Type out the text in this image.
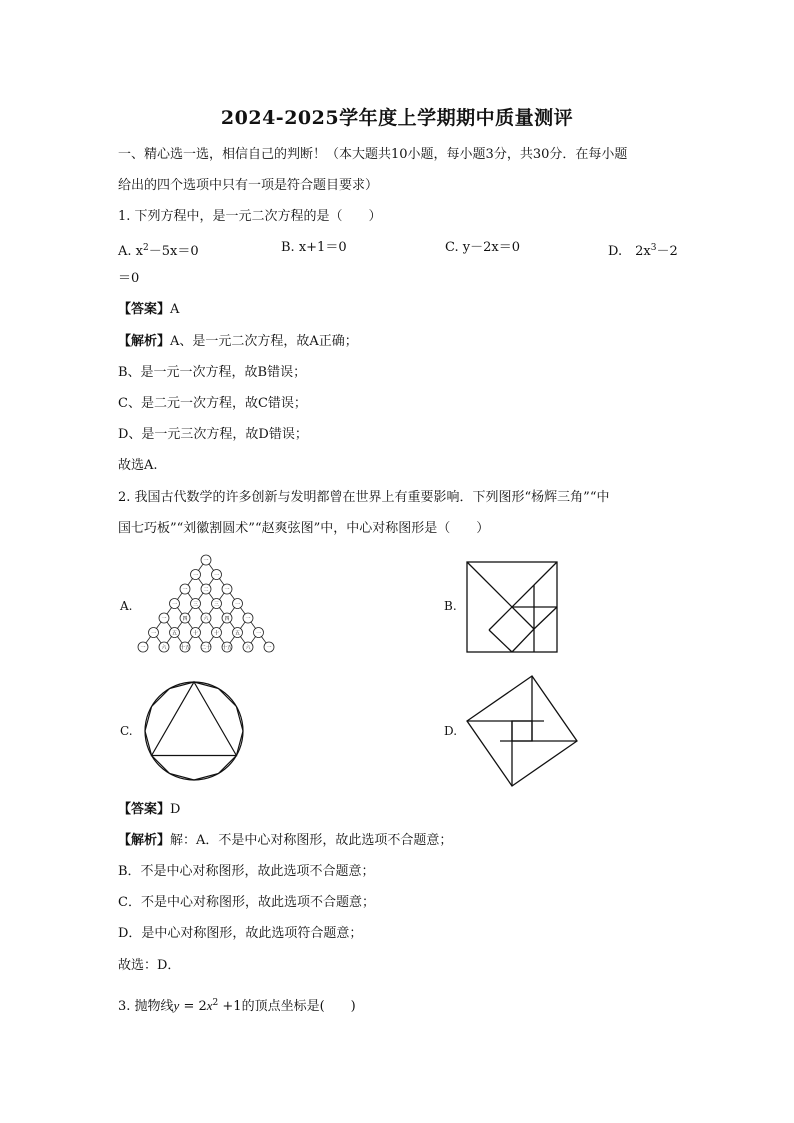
2024-2025学年度上学期期中质量测评
一、精心选一选，相信自己的判断！（本大题共10小题，每小题3分，共30分．在每小题
给出的四个选项中只有一项是符合题目要求）
1. 下列方程中，是一元二次方程的是（　　）
A. $x^2-5x=0$	B. x+1＝0	C. y－2x＝0	D.　$2x^3-2$
＝0
【答案】A
【解析】A、是一元二次方程，故A正确；
B、是一元一次方程，故B错误；
C、是二元一次方程，故C错误；
D、是一元三次方程，故D错误；
故选A.
2. 我国古代数学的许多创新与发明都曾在世界上有重要影响．下列图形“杨辉三角”“中
国七巧板”“刘徽割圆术”“赵爽弦图”中，中心对称图形是（　　）
A.
一
一	一
一	二	一
一	三	三	一
一	四	六	四	一
一	五	十	十	五	一
一	六	十五 二十 十五	六	一
B.
C.	D.
【答案】D
【解析】解：A．不是中心对称图形，故此选项不合题意；
B．不是中心对称图形，故此选项不合题意；
C．不是中心对称图形，故此选项不合题意；
D．是中心对称图形，故此选项符合题意；
故选：D．
3. 抛物线$y = 2x^2 +1$的顶点坐标是(　　)
